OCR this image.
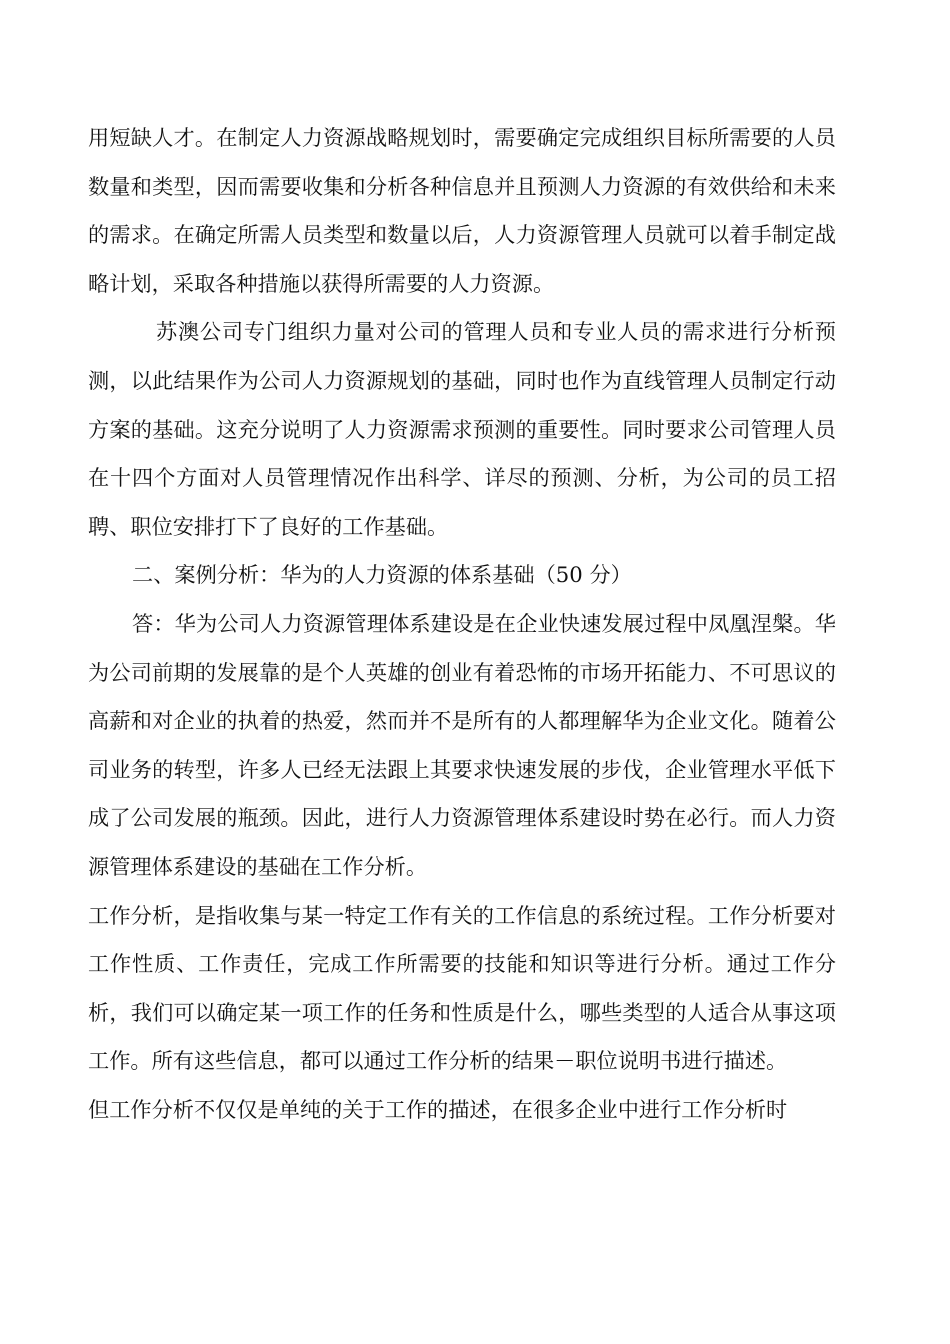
用短缺人才。在制定人力资源战略规划时，需要确定完成组织目标所需要的人员数量和类型，因而需要收集和分析各种信息并且预测人力资源的有效供给和未来的需求。在确定所需人员类型和数量以后，人力资源管理人员就可以着手制定战略计划，采取各种措施以获得所需要的人力资源。

苏澳公司专门组织力量对公司的管理人员和专业人员的需求进行分析预测，以此结果作为公司人力资源规划的基础，同时也作为直线管理人员制定行动方案的基础。这充分说明了人力资源需求预测的重要性。同时要求公司管理人员在十四个方面对人员管理情况作出科学、详尽的预测、分析，为公司的员工招聘、职位安排打下了良好的工作基础。

二、案例分析：华为的人力资源的体系基础（50 分）

答：华为公司人力资源管理体系建设是在企业快速发展过程中凤凰涅槃。华为公司前期的发展靠的是个人英雄的创业有着恐怖的市场开拓能力、不可思议的高薪和对企业的执着的热爱，然而并不是所有的人都理解华为企业文化。随着公司业务的转型，许多人已经无法跟上其要求快速发展的步伐，企业管理水平低下成了公司发展的瓶颈。因此，进行人力资源管理体系建设时势在必行。而人力资源管理体系建设的基础在工作分析。

工作分析，是指收集与某一特定工作有关的工作信息的系统过程。工作分析要对工作性质、工作责任，完成工作所需要的技能和知识等进行分析。通过工作分析，我们可以确定某一项工作的任务和性质是什么，哪些类型的人适合从事这项工作。所有这些信息，都可以通过工作分析的结果－职位说明书进行描述。

但工作分析不仅仅是单纯的关于工作的描述，在很多企业中进行工作分析时
